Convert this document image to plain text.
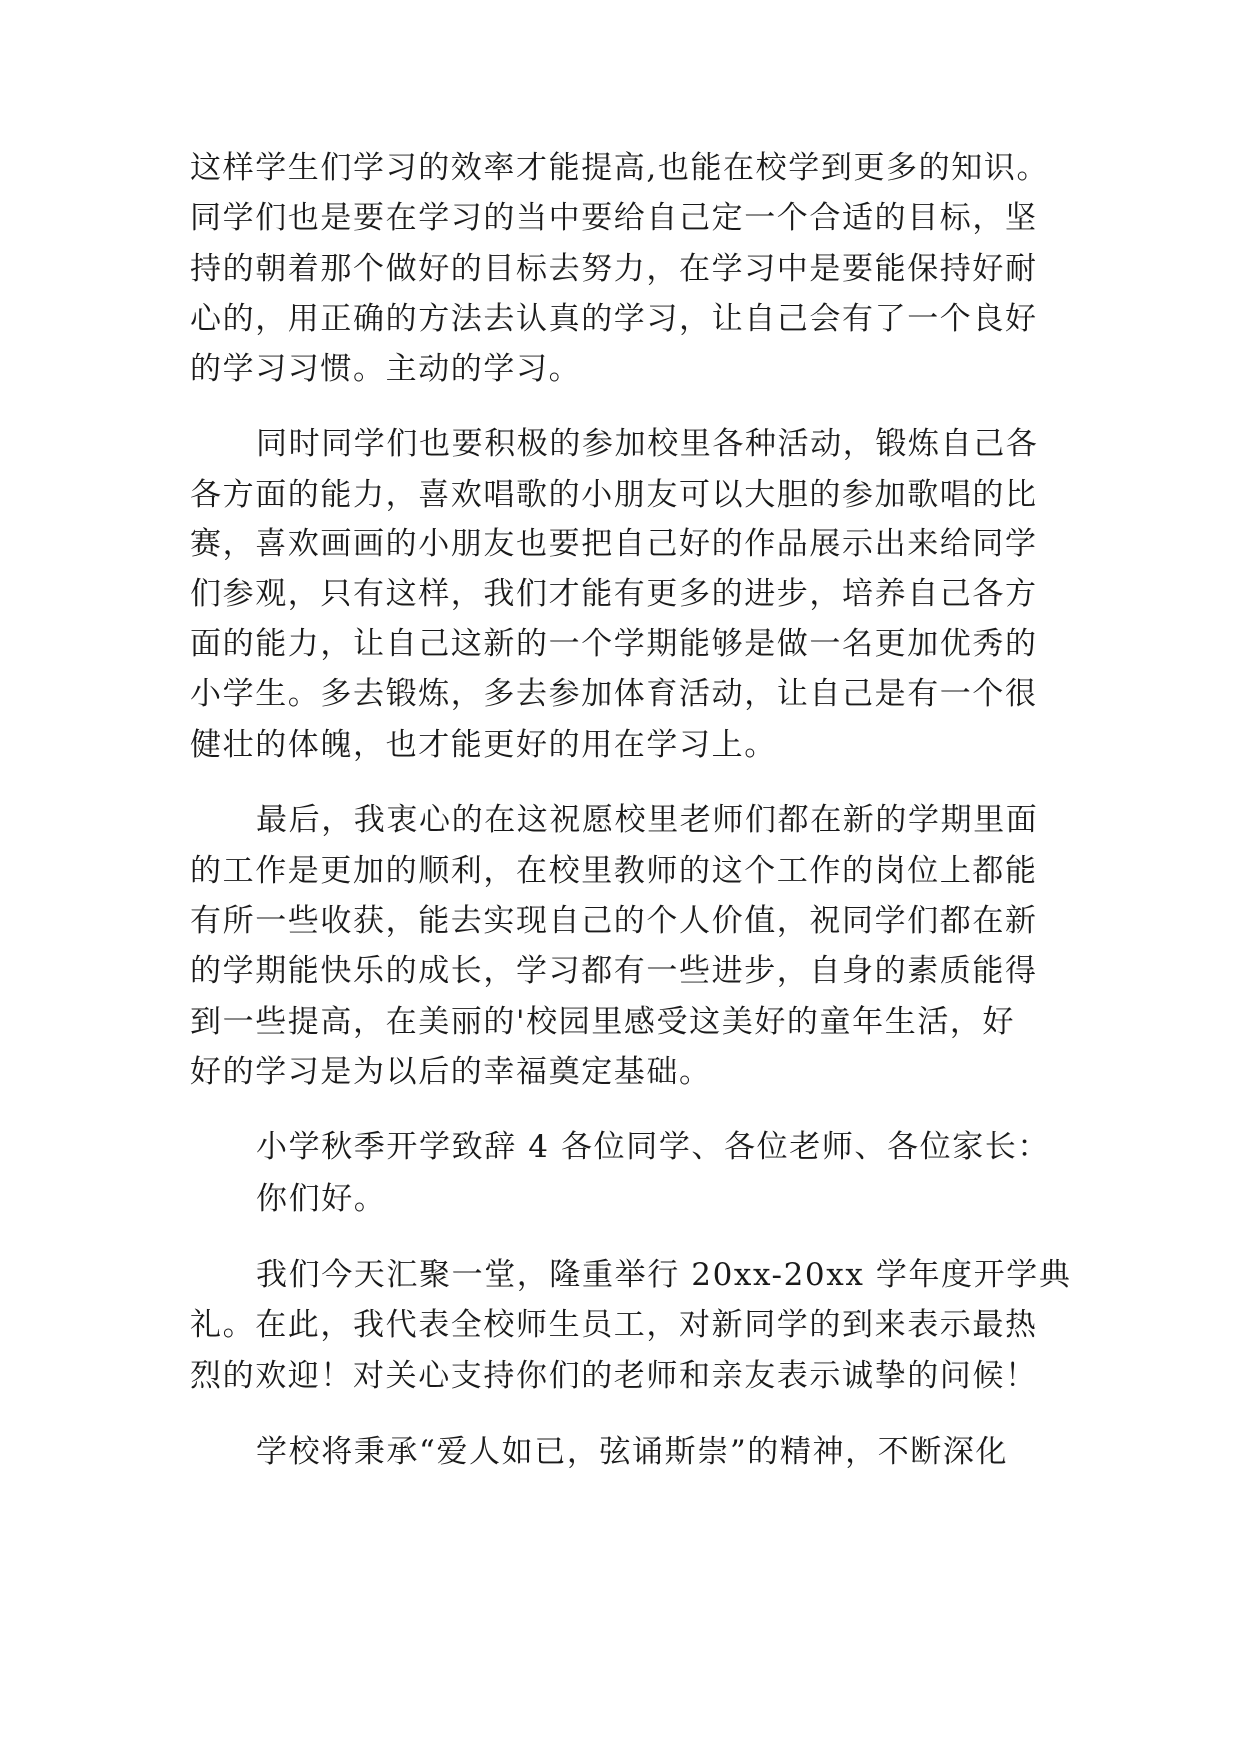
这样学生们学习的效率才能提高,也能在校学到更多的知识。

同学们也是要在学习的当中要给自己定一个合适的目标，坚

持的朝着那个做好的目标去努力，在学习中是要能保持好耐

心的，用正确的方法去认真的学习，让自己会有了一个良好

的学习习惯。主动的学习。

同时同学们也要积极的参加校里各种活动，锻炼自己各

各方面的能力，喜欢唱歌的小朋友可以大胆的参加歌唱的比

赛，喜欢画画的小朋友也要把自己好的作品展示出来给同学

们参观，只有这样，我们才能有更多的进步，培养自己各方

面的能力，让自己这新的一个学期能够是做一名更加优秀的

小学生。多去锻炼，多去参加体育活动，让自己是有一个很

健壮的体魄，也才能更好的用在学习上。

最后，我衷心的在这祝愿校里老师们都在新的学期里面

的工作是更加的顺利，在校里教师的这个工作的岗位上都能

有所一些收获，能去实现自己的个人价值，祝同学们都在新

的学期能快乐的成长，学习都有一些进步，自身的素质能得

到一些提高，在美丽的'校园里感受这美好的童年生活，好

好的学习是为以后的幸福奠定基础。

小学秋季开学致辞 4 各位同学、各位老师、各位家长：

你们好。

我们今天汇聚一堂，隆重举行 20xx-20xx 学年度开学典

礼。在此，我代表全校师生员工，对新同学的到来表示最热

烈的欢迎！对关心支持你们的老师和亲友表示诚挚的问候！

学校将秉承“爱人如已，弦诵斯崇”的精神，不断深化
